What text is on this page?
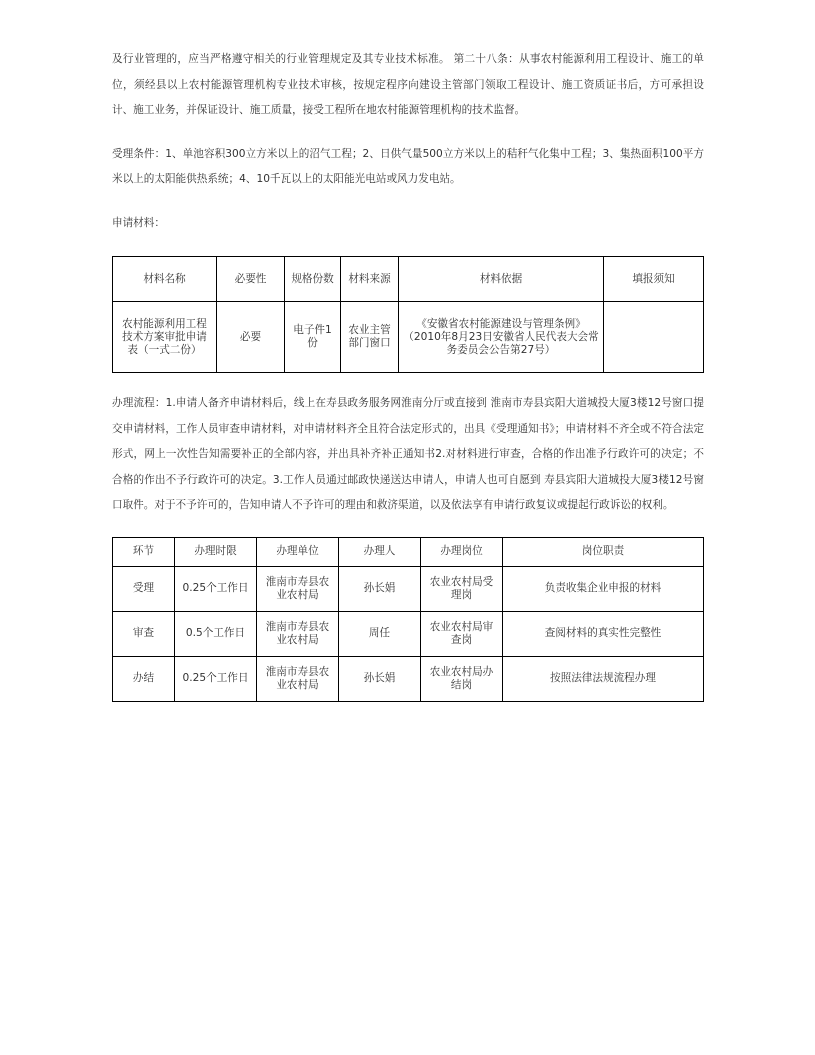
及行业管理的，应当严格遵守相关的行业管理规定及其专业技术标准。 第二十八条：从事农村能源利用工程设计、施工的单位，须经县以上农村能源管理机构专业技术审核，按规定程序向建设主管部门领取工程设计、施工资质证书后，方可承担设计、施工业务，并保证设计、施工质量，接受工程所在地农村能源管理机构的技术监督。

受理条件：1、单池容积300立方米以上的沼气工程；2、日供气量500立方米以上的秸秆气化集中工程；3、集热面积100平方米以上的太阳能供热系统；4、10千瓦以上的太阳能光电站或风力发电站。

申请材料：

材料名称	必要性	规格份数	材料来源	材料依据	填报须知
农村能源利用工程技术方案审批申请表（一式二份）	必要	电子件1份	农业主管部门窗口	《安徽省农村能源建设与管理条例》（2010年8月23日安徽省人民代表大会常务委员会公告第27号）	

办理流程：1.申请人备齐申请材料后，线上在寿县政务服务网淮南分厅或直接到 淮南市寿县宾阳大道城投大厦3楼12号窗口提交申请材料，工作人员审查申请材料，对申请材料齐全且符合法定形式的，出具《受理通知书》；申请材料不齐全或不符合法定形式，网上一次性告知需要补正的全部内容，并出具补齐补正通知书2.对材料进行审查，合格的作出准予行政许可的决定；不合格的作出不予行政许可的决定。3.工作人员通过邮政快递送达申请人，申请人也可自愿到 寿县宾阳大道城投大厦3楼12号窗口取件。对于不予许可的，告知申请人不予许可的理由和救济渠道，以及依法享有申请行政复议或提起行政诉讼的权利。

环节	办理时限	办理单位	办理人	办理岗位	岗位职责
受理	0.25个工作日	淮南市寿县农业农村局	孙长娟	农业农村局受理岗	负责收集企业申报的材料
审查	0.5个工作日	淮南市寿县农业农村局	周任	农业农村局审查岗	查阅材料的真实性完整性
办结	0.25个工作日	淮南市寿县农业农村局	孙长娟	农业农村局办结岗	按照法律法规流程办理
